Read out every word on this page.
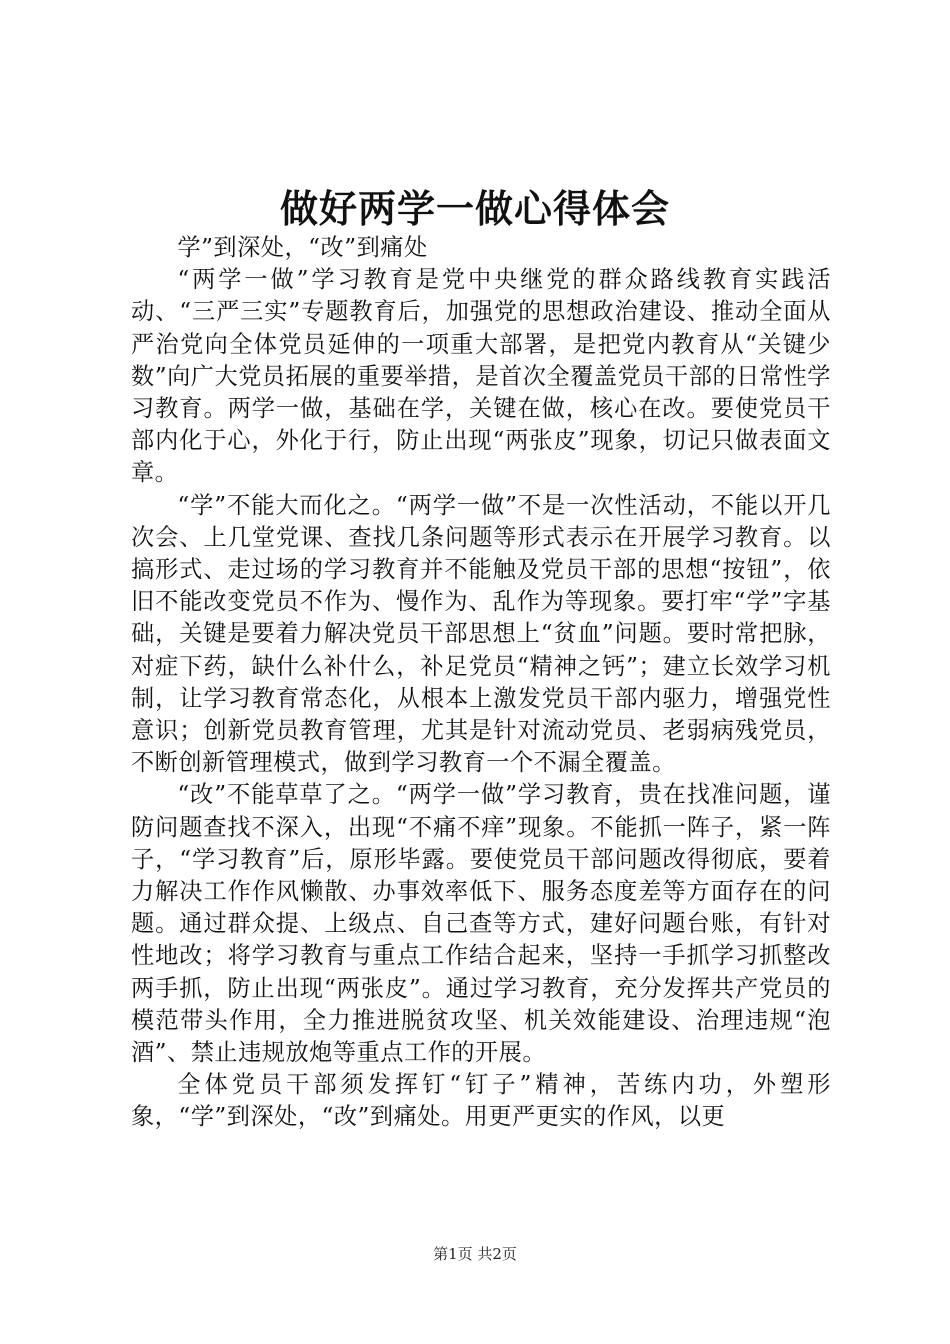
做好两学一做心得体会

学”到深处，“改”到痛处

“两学一做”学习教育是党中央继党的群众路线教育实践活动、“三严三实”专题教育后，加强党的思想政治建设、推动全面从严治党向全体党员延伸的一项重大部署，是把党内教育从“关键少数”向广大党员拓展的重要举措，是首次全覆盖党员干部的日常性学习教育。两学一做，基础在学，关键在做，核心在改。要使党员干部内化于心，外化于行，防止出现“两张皮”现象，切记只做表面文章。

“学”不能大而化之。“两学一做”不是一次性活动，不能以开几次会、上几堂党课、查找几条问题等形式表示在开展学习教育。以搞形式、走过场的学习教育并不能触及党员干部的思想“按钮”，依旧不能改变党员不作为、慢作为、乱作为等现象。要打牢“学”字基础，关键是要着力解决党员干部思想上“贫血”问题。要时常把脉，对症下药，缺什么补什么，补足党员“精神之钙”；建立长效学习机制，让学习教育常态化，从根本上激发党员干部内驱力，增强党性意识；创新党员教育管理，尤其是针对流动党员、老弱病残党员，不断创新管理模式，做到学习教育一个不漏全覆盖。

“改”不能草草了之。“两学一做”学习教育，贵在找准问题，谨防问题查找不深入，出现“不痛不痒”现象。不能抓一阵子，紧一阵子，“学习教育”后，原形毕露。要使党员干部问题改得彻底，要着力解决工作作风懒散、办事效率低下、服务态度差等方面存在的问题。通过群众提、上级点、自己查等方式，建好问题台账，有针对性地改；将学习教育与重点工作结合起来，坚持一手抓学习抓整改两手抓，防止出现“两张皮”。通过学习教育，充分发挥共产党员的模范带头作用，全力推进脱贫攻坚、机关效能建设、治理违规“泡酒”、禁止违规放炮等重点工作的开展。

全体党员干部须发挥钉“钉子”精神，苦练内功，外塑形象，“学”到深处，“改”到痛处。用更严更实的作风，以更

第1页 共2页
